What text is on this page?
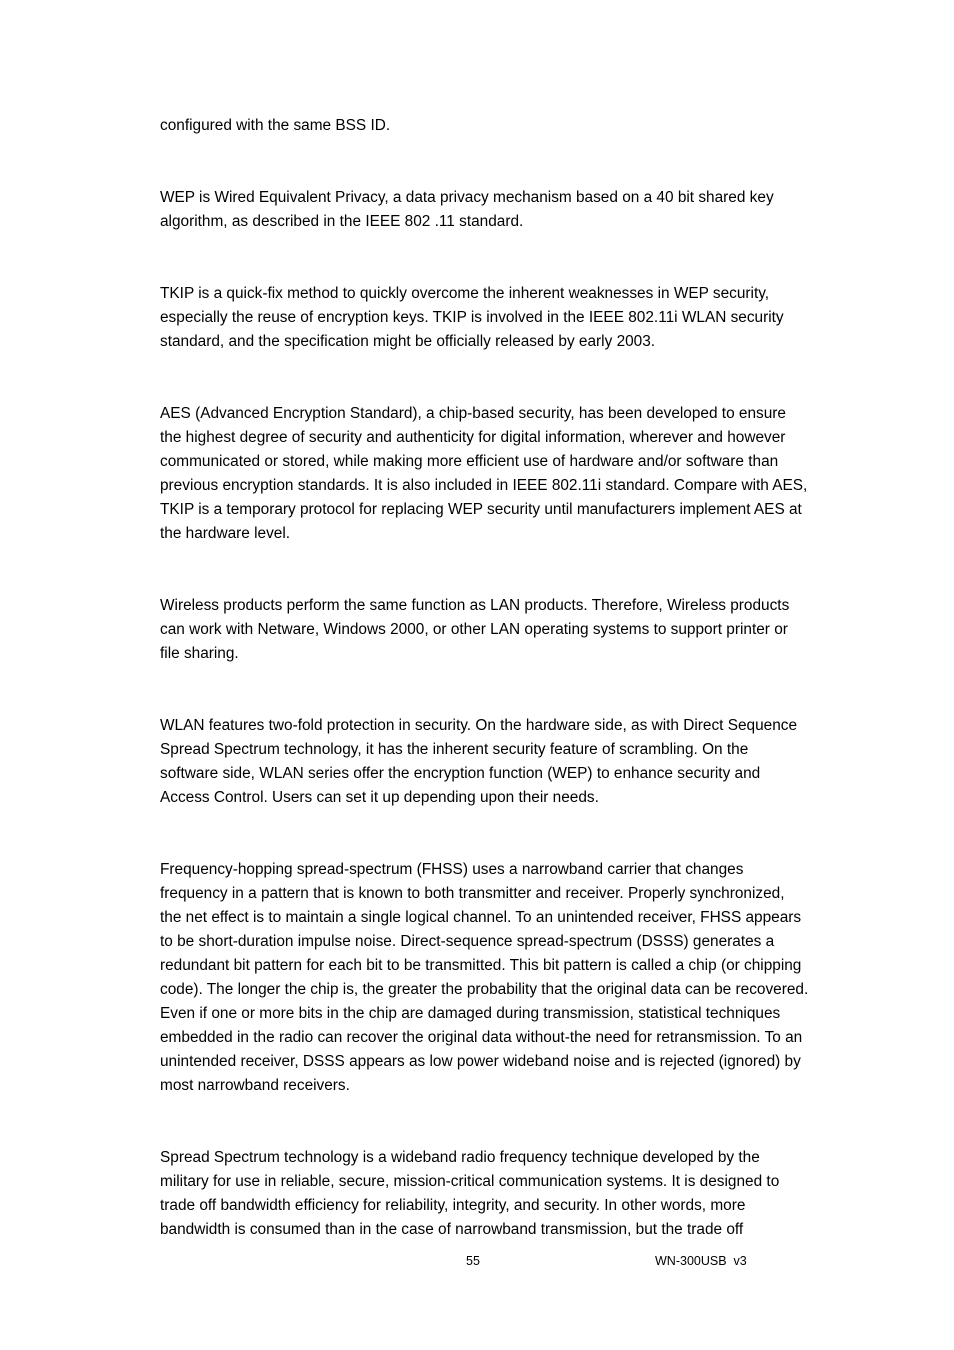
configured with the same BSS ID.

WEP is Wired Equivalent Privacy, a data privacy mechanism based on a 40 bit shared key
algorithm, as described in the IEEE 802 .11 standard.

TKIP is a quick-fix method to quickly overcome the inherent weaknesses in WEP security,
especially the reuse of encryption keys. TKIP is involved in the IEEE 802.11i WLAN security
standard, and the specification might be officially released by early 2003.

AES (Advanced Encryption Standard), a chip-based security, has been developed to ensure
the highest degree of security and authenticity for digital information, wherever and however
communicated or stored, while making more efficient use of hardware and/or software than
previous encryption standards. It is also included in IEEE 802.11i standard. Compare with AES,
TKIP is a temporary protocol for replacing WEP security until manufacturers implement AES at
the hardware level.

Wireless products perform the same function as LAN products. Therefore, Wireless products
can work with Netware, Windows 2000, or other LAN operating systems to support printer or
file sharing.

WLAN features two-fold protection in security. On the hardware side, as with Direct Sequence
Spread Spectrum technology, it has the inherent security feature of scrambling. On the
software side, WLAN series offer the encryption function (WEP) to enhance security and
Access Control. Users can set it up depending upon their needs.

Frequency-hopping spread-spectrum (FHSS) uses a narrowband carrier that changes
frequency in a pattern that is known to both transmitter and receiver. Properly synchronized,
the net effect is to maintain a single logical channel. To an unintended receiver, FHSS appears
to be short-duration impulse noise. Direct-sequence spread-spectrum (DSSS) generates a
redundant bit pattern for each bit to be transmitted. This bit pattern is called a chip (or chipping
code). The longer the chip is, the greater the probability that the original data can be recovered.
Even if one or more bits in the chip are damaged during transmission, statistical techniques
embedded in the radio can recover the original data without-the need for retransmission. To an
unintended receiver, DSSS appears as low power wideband noise and is rejected (ignored) by
most narrowband receivers.

Spread Spectrum technology is a wideband radio frequency technique developed by the
military for use in reliable, secure, mission-critical communication systems. It is designed to
trade off bandwidth efficiency for reliability, integrity, and security. In other words, more
bandwidth is consumed than in the case of narrowband transmission, but the trade off

55	WN-300USB  v3
